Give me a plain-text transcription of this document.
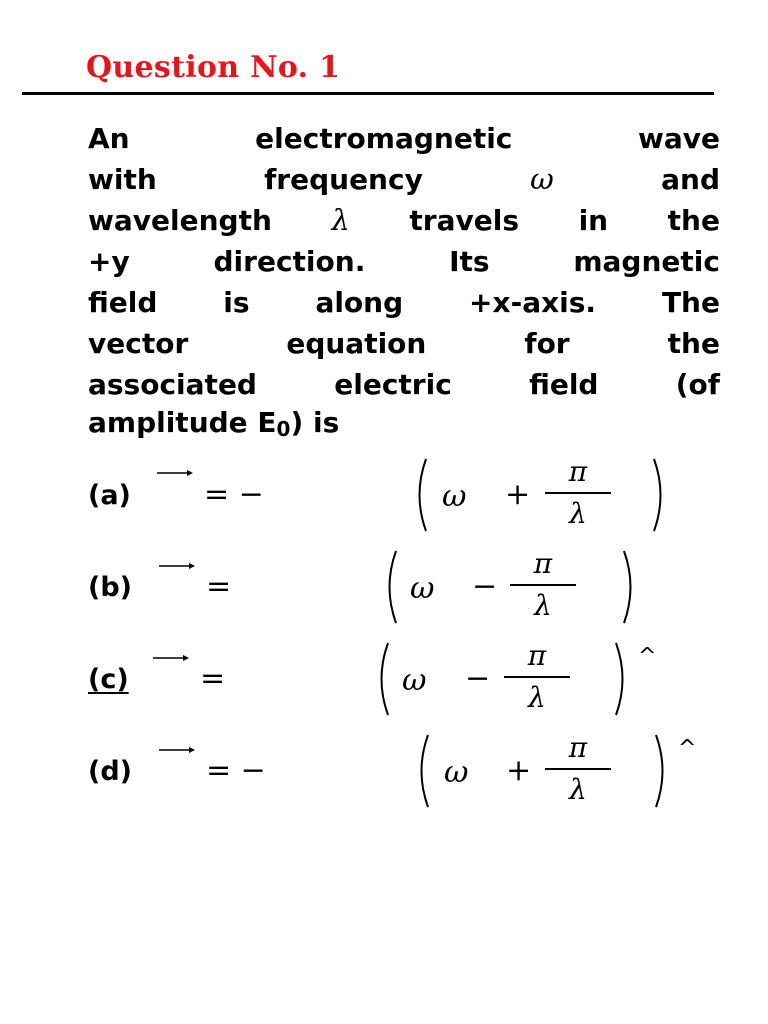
Question No. 1
An	electromagnetic	wave
with	frequency	ω	and
wavelength λ travels in the
+y	direction.	Its	magnetic
field is along +x-axis. The
vector	equation	for	the
associated	electric	field	(of
amplitude $E_0$) is
(a) = −	ω +
π
λ
(b) =	ω −
π
λ
(c)	=	ω −
π
λ
^
(d) = −	ω +
π
λ
^
